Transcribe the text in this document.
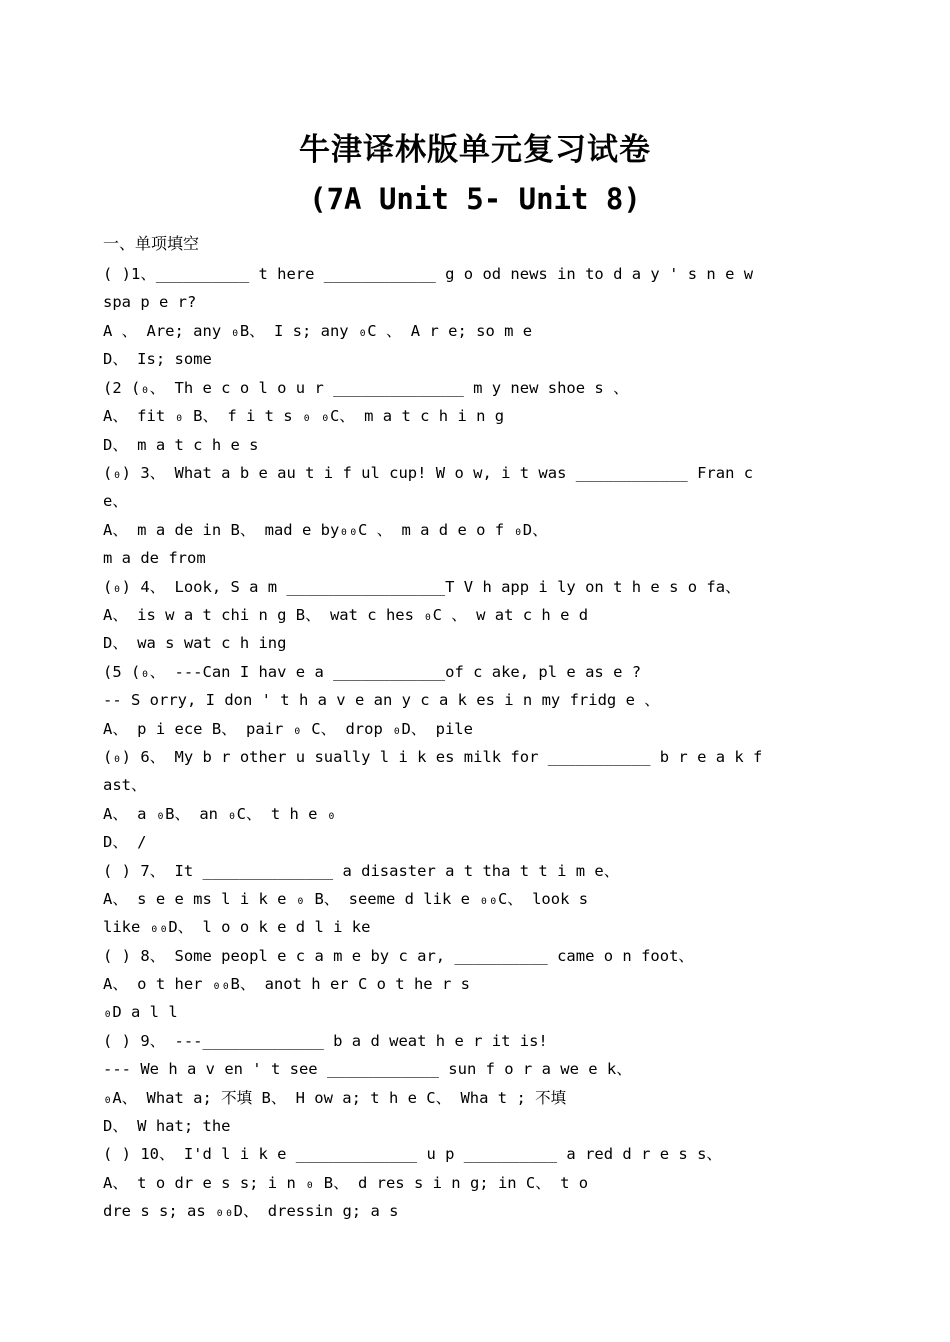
牛津译林版单元复习试卷
(7A Unit 5- Unit 8)
一、单项填空
( )1、__________ t here ____________ g o od news in to d a y ' s n e w
spa p e r?
A 、 Are; any ₀B、 I s; any ₀C 、 A r e; so m e
D、 Is; some
(2 (₀、 Th e c o l o u r ______________ m y new shoe s 、
A、 fit ₀ B、 f i t s ₀ ₀C、 m a t c h i n g
D、 m a t c h e s
(₀) 3、 What a b e au t i f ul cup! W o w, i t was ____________ Fran c
e、
A、 m a de in B、 mad e by₀₀C 、 m a d e o f ₀D、
m a de from
(₀) 4、 Look, S a m _________________T V h app i ly on t h e s o fa、
A、 is w a t chi n g B、 wat c hes ₀C 、 w at c h e d
D、 wa s wat c h ing
(5 (₀、 ---Can I hav e a ____________of c ake, pl e as e ?
-- S orry, I don ' t h a v e an y c a k es i n my fridg e 、
A、 p i ece B、 pair ₀ C、 drop ₀D、 pile
(₀) 6、 My b r other u sually l i k es milk for ___________ b r e a k f
ast、
A、 a ₀B、 an ₀C、 t h e ₀
D、 /
( ) 7、 It ______________ a disaster a t tha t t i m e、
A、 s e e ms l i k e ₀ B、 seeme d lik e ₀₀C、 look s
like ₀₀D、 l o o k e d l i ke
( ) 8、 Some peopl e c a m e by c ar, __________ came o n foot、
A、 o t her ₀₀B、 anot h er C o t he r s
₀D a l l
( ) 9、 ---_____________ b a d weat h e r it is!
--- We h a v en ' t see ____________ sun f o r a we e k、
₀A、 What a; 不填 B、 H ow a; t h e C、 Wha t ; 不填
D、 W hat; the
( ) 10、 I'd l i k e _____________ u p __________ a red d r e s s、
A、 t o dr e s s; i n ₀ B、 d res s i n g; in C、 t o
dre s s; as ₀₀D、 dressin g; a s
